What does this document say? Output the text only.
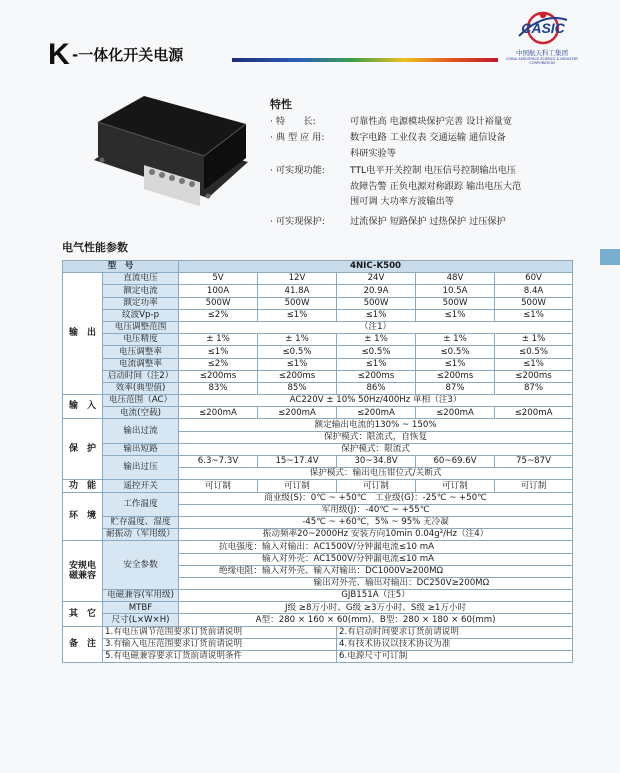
K -一体化开关电源
CASIC
中国航天科工集团
CHINA AEROSPACE SCIENCE & INDUSTRY CORPORATION
特性
· 特　　长:	可靠性高 电源模块保护完善 设计裕量宽
· 典 型 应 用:	数字电路 工业仪表 交通运输 通信设备
科研实验等
· 可实现功能:	TTL电平开关控制 电压信号控制输出电压
故障告警 正负电源对称跟踪 输出电压大范
围可调 大功率方波输出等
· 可实现保护:	过流保护 短路保护 过热保护 过压保护
电气性能参数
型　号		4NIC-K500				
输　出	直流电压	5V	12V	24V	48V	60V
	额定电流	100A	41.8A	20.9A	10.5A	8.4A
	额定功率	500W	500W	500W	500W	500W
	纹波Vp-p	≤2%	≤1%	≤1%	≤1%	≤1%
	电压调整范围	（注1）				
	电压精度	± 1%	± 1%	± 1%	± 1%	± 1%
	电压调整率	≤1%	≤0.5%	≤0.5%	≤0.5%	≤0.5%
	电流调整率	≤2%	≤1%	≤1%	≤1%	≤1%
	启动时间（注2）	≤200ms	≤200ms	≤200ms	≤200ms	≤200ms
	效率(典型值)	83%	85%	86%	87%	87%
输　入	电压范围（AC）	AC220V ± 10% 50Hz/400Hz 单相（注3）				
	电流(空载)	≤200mA	≤200mA	≤200mA	≤200mA	≤200mA
保　护	输出过流	额定输出电流的130% ~ 150%				
		保护模式：限流式，自恢复				
	输出短路	保护模式：限流式				
	输出过压	6.3~7.3V	15~17.4V	30~34.8V	60~69.6V	75~87V

		保护模式：输出电压钳位式/关断式				
功　能	遥控开关	可订制	可订制	可订制	可订制	可订制
环　境	工作温度	商业级(S)：0℃ ~ +50℃　工业级(G)：-25℃ ~ +50℃				
		军用级(J)：-40℃ ~ +55℃				
	贮存温度、湿度	-45℃ ~ +60℃，5% ~ 95% 无冷凝				
	耐振动（军用级）	振动频率20~2000Hz 安装方向10min 0.04g²/Hz（注4）				
安规电磁兼容	安全参数	抗电强度：输入对输出：AC1500V/分钟漏电流≤10 mA				
		　　　　　输入对外壳：AC1500V/分钟漏电流≤10 mA				
		绝缘电阻：输入对外壳、输入对输出：DC1000V≥200MΩ				
		　　　　　　　　　　　输出对外壳、输出对输出：DC250V≥200MΩ				
	电磁兼容(军用级)	GJB151A（注5）				
其　它	MTBF	J级 ≥8万小时、G级 ≥3万小时、S级 ≥1万小时				
	尺寸(L×W×H)	A型：280 × 160 × 60(mm)、B型：280 × 180 × 60(mm)				
备　注	1.有电压调节范围要求订货前请说明			2.有启动时间要求订货前请说明		
	3.有输入电压范围要求订货前请说明			4.有技术协议以技术协议为准		
	5.有电磁兼容要求订货前请说明条件			6.电源尺寸可订制		
